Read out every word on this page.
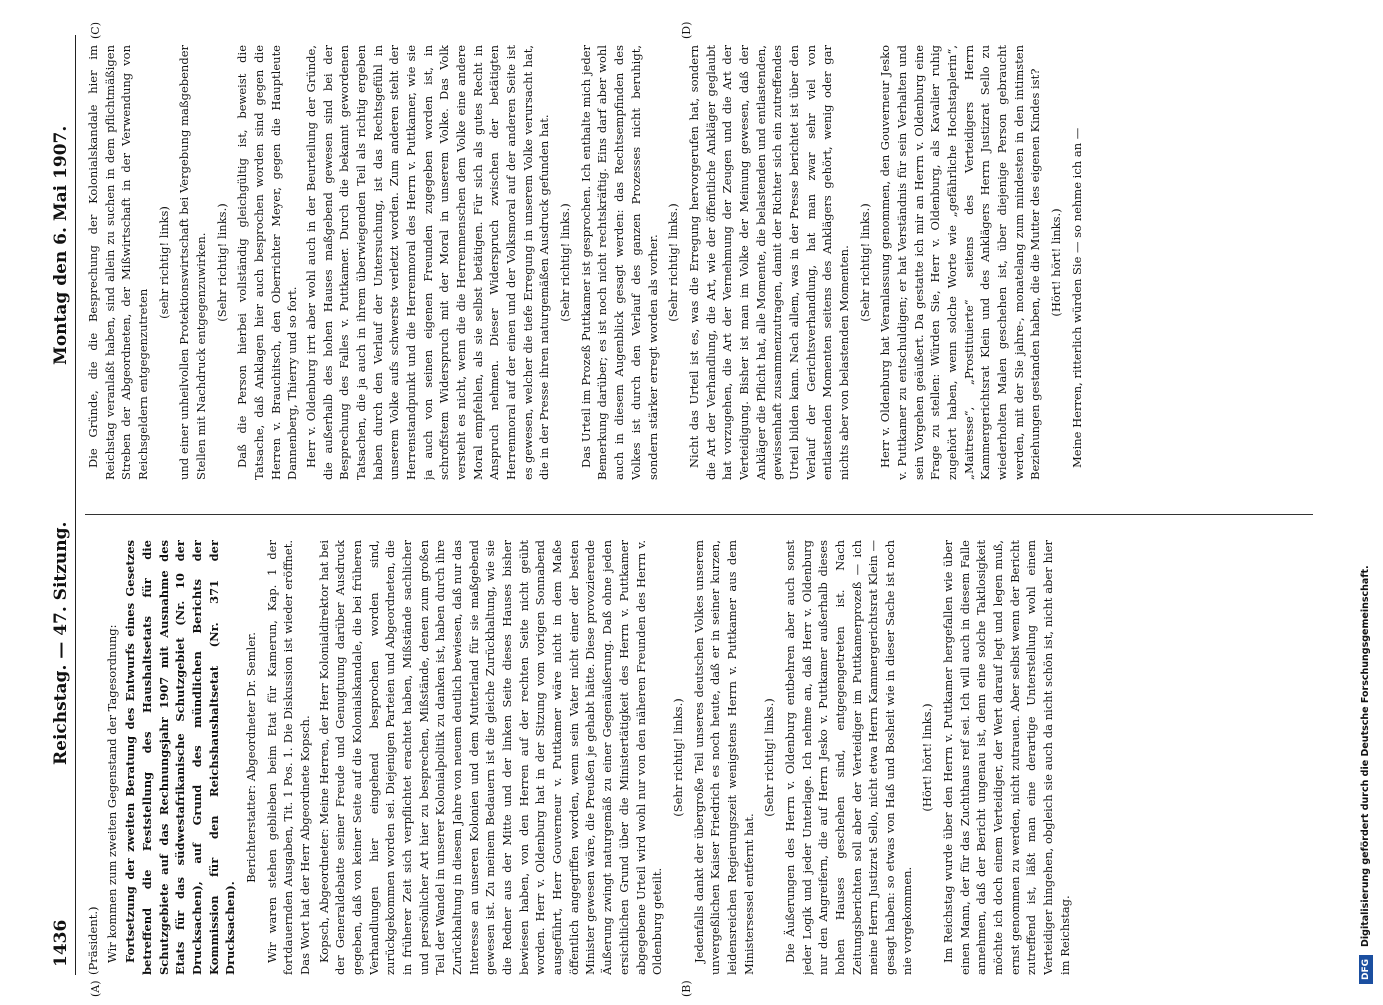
1436
Reichstag. — 47. Sitzung.
Montag den 6. Mai 1907.
(A)	(B)
(C)	(D)

(Präsident.) Wir kommen zum zweiten Gegenstand der Tagesordnung: Fortsetzung der zweiten Beratung des Entwurfs eines Gesetzes betreffend die Feststellung des Haushaltsetats für die Schutzgebiete auf das Rechnungsjahr 1907 mit Ausnahme des Etats für das südwestafrikanische Schutzgebiet (Nr. 10 der Drucksachen), auf Grund des mündlichen Berichts der Kommission für den Reichshaushaltsetat (Nr. 371 der Drucksachen).

Berichterstatter: Abgeordneter Dr. Semler. Wir waren stehen geblieben beim Etat für Kamerun, Kap. 1 der fortdauernden Ausgaben, Tit. 1 Pos. 1. Die Diskussion ist wieder eröffnet. Das Wort hat der Herr Abgeordnete Kopsch. Kopsch, Abgeordneter: Meine Herren, der Herr Kolonialdirektor hat bei der Generaldebatte seiner Freude und Genugtuung darüber Ausdruck gegeben, daß von keiner Seite auf die Kolonialskandale, die bei früheren Verhandlungen hier eingehend besprochen worden sind, zurückgekommen worden sei. Diejenigen Parteien und Abgeordneten, die in früherer Zeit sich verpflichtet erachtet haben, Mißstände sachlicher und persönlicher Art hier zu besprechen, Mißstände, denen zum großen Teil der Wandel in unserer Kolonialpolitik zu danken ist, haben durch ihre Zurückhaltung in diesem Jahre von neuem deutlich bewiesen, daß nur das Interesse an unseren Kolonien und dem Mutterland für sie maßgebend gewesen ist. Zu meinem Bedauern ist die gleiche Zurückhaltung, wie sie die Redner aus der Mitte und der linken Seite dieses Hauses bisher bewiesen haben, von den Herren auf der rechten Seite nicht geübt worden. Herr v. Oldenburg hat in der Sitzung vom vorigen Sonnabend ausgeführt, Herr Gouverneur v. Puttkamer wäre nicht in dem Maße öffentlich angegriffen worden, wenn sein Vater nicht einer der besten Minister gewesen wäre, die Preußen je gehabt hätte. Diese provozierende Äußerung zwingt naturgemäß zu einer Gegenäußerung. Daß ohne jeden ersichtlichen Grund über die Ministertätigkeit des Herrn v. Puttkamer abgegebene Urteil wird wohl nur von den näheren Freunden des Herrn v. Oldenburg geteilt.

(Sehr richtig! links.) Jedenfalls dankt der übergroße Teil unseres deutschen Volkes unserem unvergeßlichen Kaiser Friedrich es noch heute, daß er in seiner kurzen, leidensreichen Regierungszeit wenigstens Herrn v. Puttkamer aus dem Ministersessel entfernt hat.

(Sehr richtig! links.) Die Äußerungen des Herrn v. Oldenburg entbehren aber auch sonst jeder Logik und jeder Unterlage. Ich nehme an, daß Herr v. Oldenburg nur den Angreifern, die auf Herrn Jesko v. Puttkamer außerhalb dieses hohen Hauses geschehen sind, entgegengetreten ist. Nach Zeitungsberichten soll aber der Verteidiger im Puttkamerprozeß — ich meine Herrn Justizrat Sello, nicht etwa Herrn Kammergerichtsrat Klein — gesagt haben: so etwas von Haß und Bosheit wie in dieser Sache ist noch nie vorgekommen.

(Hört! hört! links.) Im Reichstag wurde über den Herrn v. Puttkamer hergefallen wie über einen Mann, der für das Zuchthaus reif sei. Ich will auch in diesem Falle annehmen, daß der Bericht ungenau ist, denn eine solche Taktlosigkeit möchte ich doch einem Verteidiger, der Wert darauf legt und legen muß, ernst genommen zu werden, nicht zutrauen. Aber selbst wenn der Bericht zutreffend ist, läßt man eine derartige Unterstellung wohl einem Verteidiger hingehen, obgleich sie auch da nicht schön ist, nicht aber hier im Reichstag.

Die Gründe, die die Besprechung der Kolonialskandale hier im Reichstag veranlaßt haben, sind allein zu suchen in dem pflichtmäßigen Streben der Abgeordneten, der Mißwirtschaft in der Verwendung von Reichsgeldern entgegenzutreten

(sehr richtig! links) und einer unheilvollen Protektionswirtschaft bei Vergebung maßgebender Stellen mit Nachdruck entgegenzuwirken. (Sehr richtig! links.) Daß die Person hierbei vollständig gleichgültig ist, beweist die Tatsache, daß Anklagen hier auch besprochen worden sind gegen die Herren v. Brauchitsch, den Oberrichter Meyer, gegen die Hauptleute Dannenberg, Thierry und so fort. Herr v. Oldenburg irrt aber wohl auch in der Beurteilung der Gründe, die außerhalb des hohen Hauses maßgebend gewesen sind bei der Besprechung des Falles v. Puttkamer. Durch die bekannt gewordenen Tatsachen, die ja auch in ihrem überwiegenden Teil als richtig ergeben haben durch den Verlauf der Untersuchung, ist das Rechtsgefühl in unserem Volke aufs schwerste verletzt worden. Zum anderen steht der Herrenstandpunkt und die Herrenmoral des Herrn v. Puttkamer, wie sie ja auch von seinen eigenen Freunden zugegeben worden ist, in schroffstem Widerspruch mit der Moral in unserem Volke. Das Volk versteht es nicht, wenn die die Herrenmenschen dem Volke eine andere Moral empfehlen, als sie selbst betätigen. Für sich als gutes Recht in Anspruch nehmen. Dieser Widerspruch zwischen der betätigten Herrenmoral auf der einen und der Volksmoral auf der anderen Seite ist es gewesen, welcher die tiefe Erregung in unserem Volke verursacht hat, die in der Presse ihren naturgemäßen Ausdruck gefunden hat. (Sehr richtig! links.) Das Urteil im Prozeß Puttkamer ist gesprochen. Ich enthalte mich jeder Bemerkung darüber; es ist noch nicht rechtskräftig. Eins darf aber wohl auch in diesem Augenblick gesagt werden: das Rechtsempfinden des Volkes ist durch den Verlauf des ganzen Prozesses nicht beruhigt, sondern stärker erregt worden als vorher. (Sehr richtig! links.) Nicht das Urteil ist es, was die Erregung hervorgerufen hat, sondern die Art der Verhandlung, die Art, wie der öffentliche Ankläger geglaubt hat vorzugehen, die Art der Vernehmung der Zeugen und die Art der Verteidigung. Bisher ist man im Volke der Meinung gewesen, daß der Ankläger die Pflicht hat, alle Momente, die belastenden und entlastenden, gewissenhaft zusammenzutragen, damit der Richter sich ein zutreffendes Urteil bilden kann. Nach allem, was in der Presse berichtet ist über den Verlauf der Gerichtsverhandlung, hat man zwar sehr viel von entlastenden Momenten seitens des Anklägers gehört, wenig oder gar nichts aber von belastenden Momenten. (Sehr richtig! links.) Herr v. Oldenburg hat Veranlassung genommen, den Gouverneur Jesko v. Puttkamer zu entschuldigen; er hat Verständnis für sein Verhalten und sein Vorgehen geäußert. Da gestatte ich mir an Herrn v. Oldenburg eine Frage zu stellen: Würden Sie, Herr v. Oldenburg, als Kavalier ruhig zugehört haben, wenn solche Worte wie „gefährliche Hochstaplerin“, „Maitresse“, „Prostituierte“ seitens des Verteidigers Herrn Kammergerichtsrat Klein und des Anklägers Herrn Justizrat Sello zu wiederholten Malen geschehen ist, über diejenige Person gebraucht werden, mit der Sie jahre-, monatelang zum mindesten in den intimsten Beziehungen gestanden haben, die die Mutter des eigenen Kindes ist? (Hört! hört! links.) Meine Herren, ritterlich würden Sie — so nehme ich an —

DFGDigitalisierung gefördert durch die Deutsche Forschungsgemeinschaft.
